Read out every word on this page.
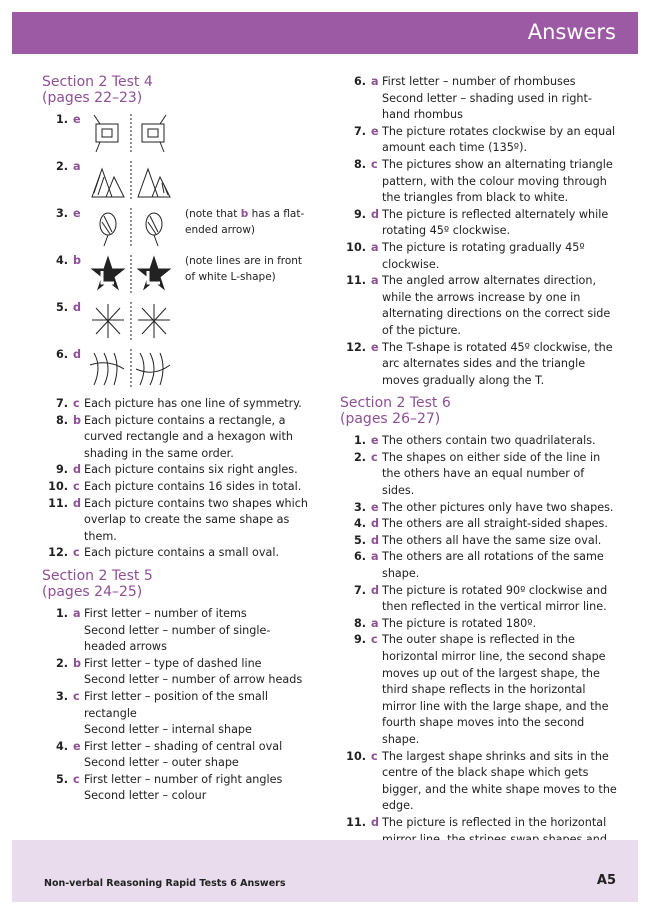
Answers
Section 2 Test 4
(pages 22–23)
1. e
2. a
3. e	(note that b has a flat-ended arrow)
4. b	(note lines are in front of white L-shape)
5. d
6. d
7. c Each picture has one line of symmetry.
8. b Each picture contains a rectangle, a curved rectangle and a hexagon with shading in the same order.
9. d Each picture contains six right angles.
10. c Each picture contains 16 sides in total.
11. d Each picture contains two shapes which overlap to create the same shape as them.
12. c Each picture contains a small oval.
Section 2 Test 5
(pages 24–25)
1. a First letter – number of items
Second letter – number of single-headed arrows
2. b First letter – type of dashed line
Second letter – number of arrow heads
3. c First letter – position of the small rectangle
Second letter – internal shape
4. e First letter – shading of central oval
Second letter – outer shape
5. c First letter – number of right angles
Second letter – colour
6. a First letter – number of rhombuses
Second letter – shading used in right-hand rhombus
7. e The picture rotates clockwise by an equal amount each time (135º).
8. c The pictures show an alternating triangle pattern, with the colour moving through the triangles from black to white.
9. d The picture is reflected alternately while rotating 45º clockwise.
10. a The picture is rotating gradually 45º clockwise.
11. a The angled arrow alternates direction, while the arrows increase by one in alternating directions on the correct side of the picture.
12. e The T-shape is rotated 45º clockwise, the arc alternates sides and the triangle moves gradually along the T.
Section 2 Test 6
(pages 26–27)
1. e The others contain two quadrilaterals.
2. c The shapes on either side of the line in the others have an equal number of sides.
3. e The other pictures only have two shapes.
4. d The others are all straight-sided shapes.
5. d The others all have the same size oval.
6. a The others are all rotations of the same shape.
7. d The picture is rotated 90º clockwise and then reflected in the vertical mirror line.
8. a The picture is rotated 180º.
9. c The outer shape is reflected in the horizontal mirror line, the second shape moves up out of the largest shape, the third shape reflects in the horizontal mirror line with the large shape, and the fourth shape moves into the second shape.
10. c The largest shape shrinks and sits in the centre of the black shape which gets bigger, and the white shape moves to the edge.
11. d The picture is reflected in the horizontal
Non-verbal Reasoning Rapid Tests 6 Answers	A5
